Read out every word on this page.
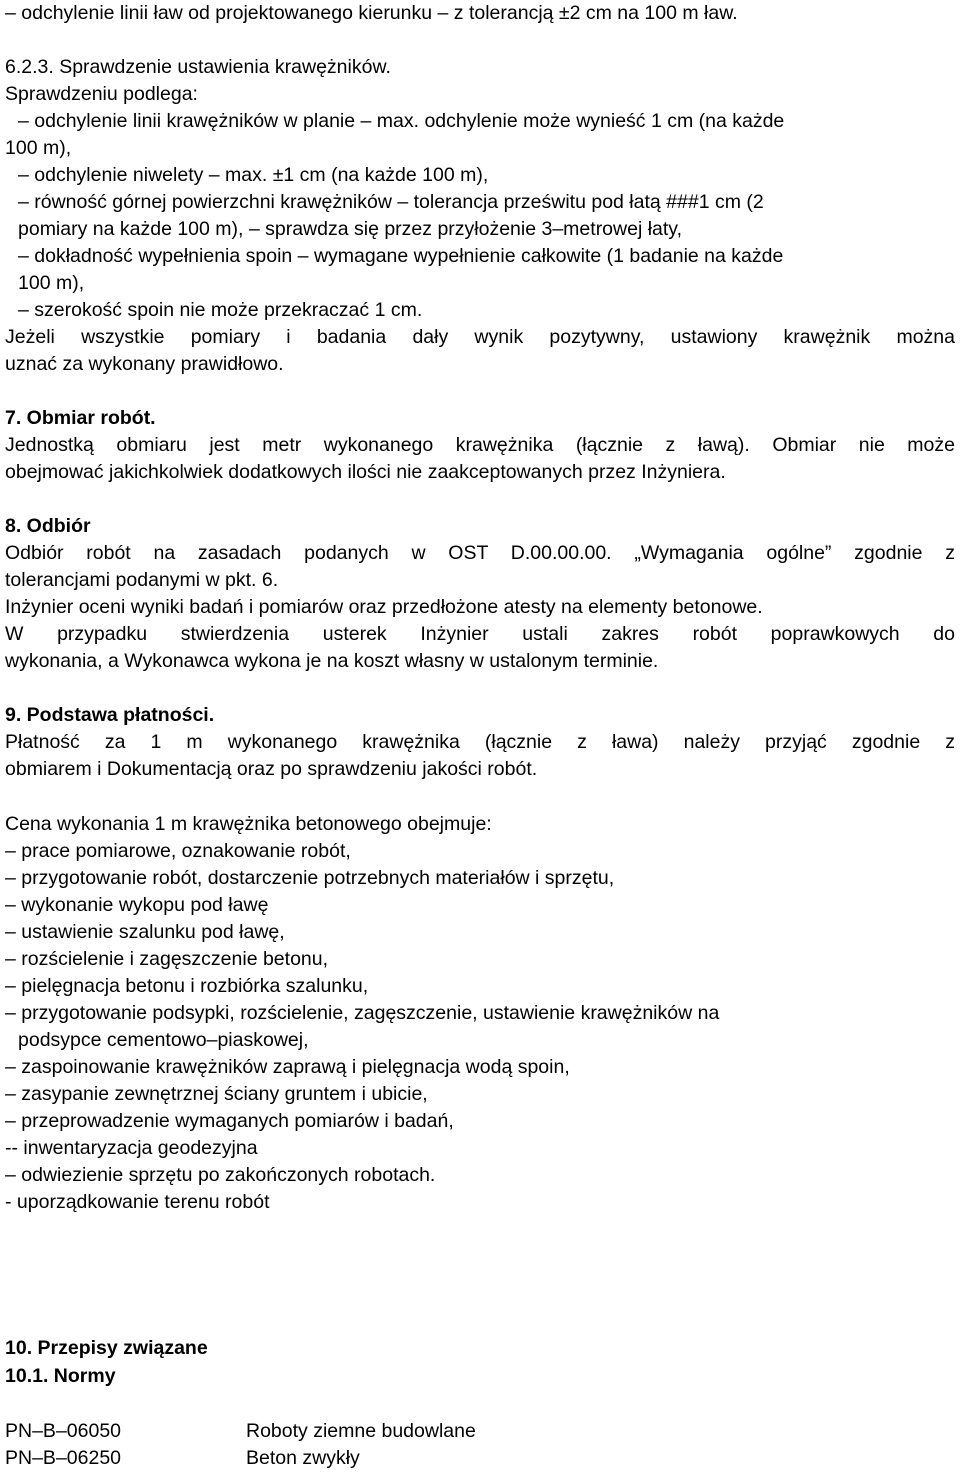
– odchylenie linii ław od projektowanego kierunku – z tolerancją ±2 cm na 100 m ław.
6.2.3. Sprawdzenie ustawienia krawężników.
Sprawdzeniu podlega:
– odchylenie linii krawężników w planie – max. odchylenie może wynieść 1 cm (na każde
100 m),
– odchylenie niwelety – max. ±1 cm (na każde 100 m),
– równość górnej powierzchni krawężników – tolerancja prześwitu pod łatą ###1 cm (2
pomiary na każde 100 m), – sprawdza się przez przyłożenie 3–metrowej łaty,
– dokładność wypełnienia spoin – wymagane wypełnienie całkowite (1 badanie na każde
100 m),
– szerokość spoin nie może przekraczać 1 cm.
Jeżeli wszystkie pomiary i badania dały wynik pozytywny, ustawiony krawężnik można
uznać za wykonany prawidłowo.
7. Obmiar robót.
Jednostką obmiaru jest metr wykonanego krawężnika (łącznie z ławą). Obmiar nie może
obejmować jakichkolwiek dodatkowych ilości nie zaakceptowanych przez Inżyniera.
8. Odbiór
Odbiór robót na zasadach podanych w OST D.00.00.00. „Wymagania ogólne” zgodnie z
tolerancjami podanymi w pkt. 6.
Inżynier oceni wyniki badań i pomiarów oraz przedłożone atesty na elementy betonowe.
W przypadku stwierdzenia usterek Inżynier ustali zakres robót poprawkowych do
wykonania, a Wykonawca wykona je na koszt własny w ustalonym terminie.
9. Podstawa płatności.
Płatność za 1 m wykonanego krawężnika (łącznie z ława) należy przyjąć zgodnie z
obmiarem i Dokumentacją oraz po sprawdzeniu jakości robót.
Cena wykonania 1 m krawężnika betonowego obejmuje:
– prace pomiarowe, oznakowanie robót,
– przygotowanie robót, dostarczenie potrzebnych materiałów i sprzętu,
– wykonanie wykopu pod ławę
– ustawienie szalunku pod ławę,
– rozścielenie i zagęszczenie betonu,
– pielęgnacja betonu i rozbiórka szalunku,
– przygotowanie podsypki, rozścielenie, zagęszczenie, ustawienie krawężników na
podsypce cementowo–piaskowej,
– zaspoinowanie krawężników zaprawą i pielęgnacja wodą spoin,
– zasypanie zewnętrznej ściany gruntem i ubicie,
– przeprowadzenie wymaganych pomiarów i badań,
-- inwentaryzacja geodezyjna
– odwiezienie sprzętu po zakończonych robotach.
- uporządkowanie terenu robót
10. Przepisy związane
10.1. Normy
PN–B–06050	Roboty ziemne budowlane
PN–B–06250	Beton zwykły
